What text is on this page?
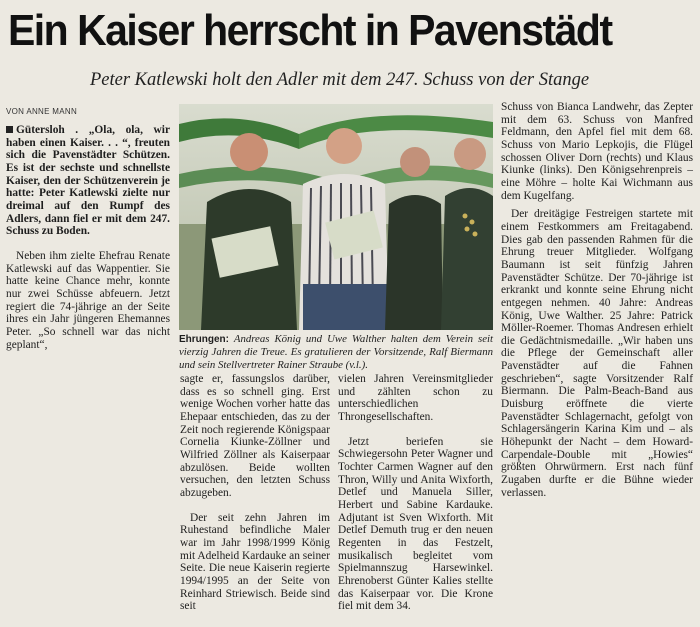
Ein Kaiser herrscht in Pavenstädt
Peter Katlewski holt den Adler mit dem 247. Schuss von der Stange
VON ANNE MANN

Gütersloh . „Ola, ola, wir haben einen Kaiser. . . “, freuten sich die Pavenstädter Schützen. Es ist der sechste und schnellste Kaiser, den der Schützenverein je hatte: Peter Katlewski zielte nur dreimal auf den Rumpf des Adlers, dann fiel er mit dem 247. Schuss zu Boden.

Neben ihm zielte Ehefrau Renate Katlewski auf das Wappentier. Sie hatte keine Chance mehr, konnte nur zwei Schüsse abfeuern. Jetzt regiert die 74-jährige an der Seite ihres ein Jahr jüngeren Ehemannes Peter. „So schnell war das nicht geplant“,	Ehrungen: Andreas König und Uwe Walther halten dem Verein seit vierzig Jahren die Treue. Es gratulieren der Vorsitzende, Ralf Biermann und sein Stellvertreter Rainer Straube (v.l.).

sagte er, fassungslos darüber, dass es so schnell ging. Erst wenige Wochen vorher hatte das Ehepaar entschieden, das zu der Zeit noch regierende Königspaar Cornelia Kiunke-Zöllner und Wilfried Zöllner als Kaiserpaar abzulösen. Beide wollten versuchen, den letzten Schuss abzugeben.

Der seit zehn Jahren im Ruhestand befindliche Maler war im Jahr 1998/1999 König mit Adelheid Kardauke an seiner Seite. Die neue Kaiserin regierte 1994/1995 an der Seite von Reinhard Striewisch. Beide sind seit

vielen Jahren Vereinsmitglieder und zählten schon zu unterschiedlichen Throngesellschaften.

Jetzt beriefen sie Schwiegersohn Peter Wagner und Tochter Carmen Wagner auf den Thron, Willy und Anita Wixforth, Detlef und Manuela Siller, Herbert und Sabine Kardauke. Adjutant ist Sven Wixforth. Mit Detlef Demuth trug er den neuen Regenten in das Festzelt, musikalisch begleitet vom Spielmannszug Harsewinkel. Ehrenoberst Günter Kalies stellte das Kaiserpaar vor. Die Krone fiel mit dem 34.

Schuss von Bianca Landwehr, das Zepter mit dem 63. Schuss von Manfred Feldmann, den Apfel fiel mit dem 68. Schuss von Mario Lepkojis, die Flügel schossen Oliver Dorn (rechts) und Klaus Kiunke (links). Den Königsehrenpreis – eine Möhre – holte Kai Wichmann aus dem Kugelfang.

Der dreitägige Festreigen startete mit einem Festkommers am Freitagabend. Dies gab den passenden Rahmen für die Ehrung treuer Mitglieder. Wolfgang Baumann ist seit fünfzig Jahren Pavenstädter Schütze. Der 70-jährige ist erkrankt und konnte seine Ehrung nicht entgegen nehmen. 40 Jahre: Andreas König, Uwe Walther. 25 Jahre: Patrick Möller-Roemer. Thomas Andresen erhielt die Gedächtnismedaille. „Wir haben uns die Pflege der Gemeinschaft aller Pavenstädter auf die Fahnen geschrieben“, sagte Vorsitzender Ralf Biermann. Die Palm-Beach-Band aus Duisburg eröffnete die vierte Pavenstädter Schlagernacht, gefolgt von Schlagersängerin Karina Kim und – als Höhepunkt der Nacht – dem Howard-Carpendale-Double mit „Howies“ größten Ohrwürmern. Erst nach fünf Zugaben durfte er die Bühne wieder verlassen.
